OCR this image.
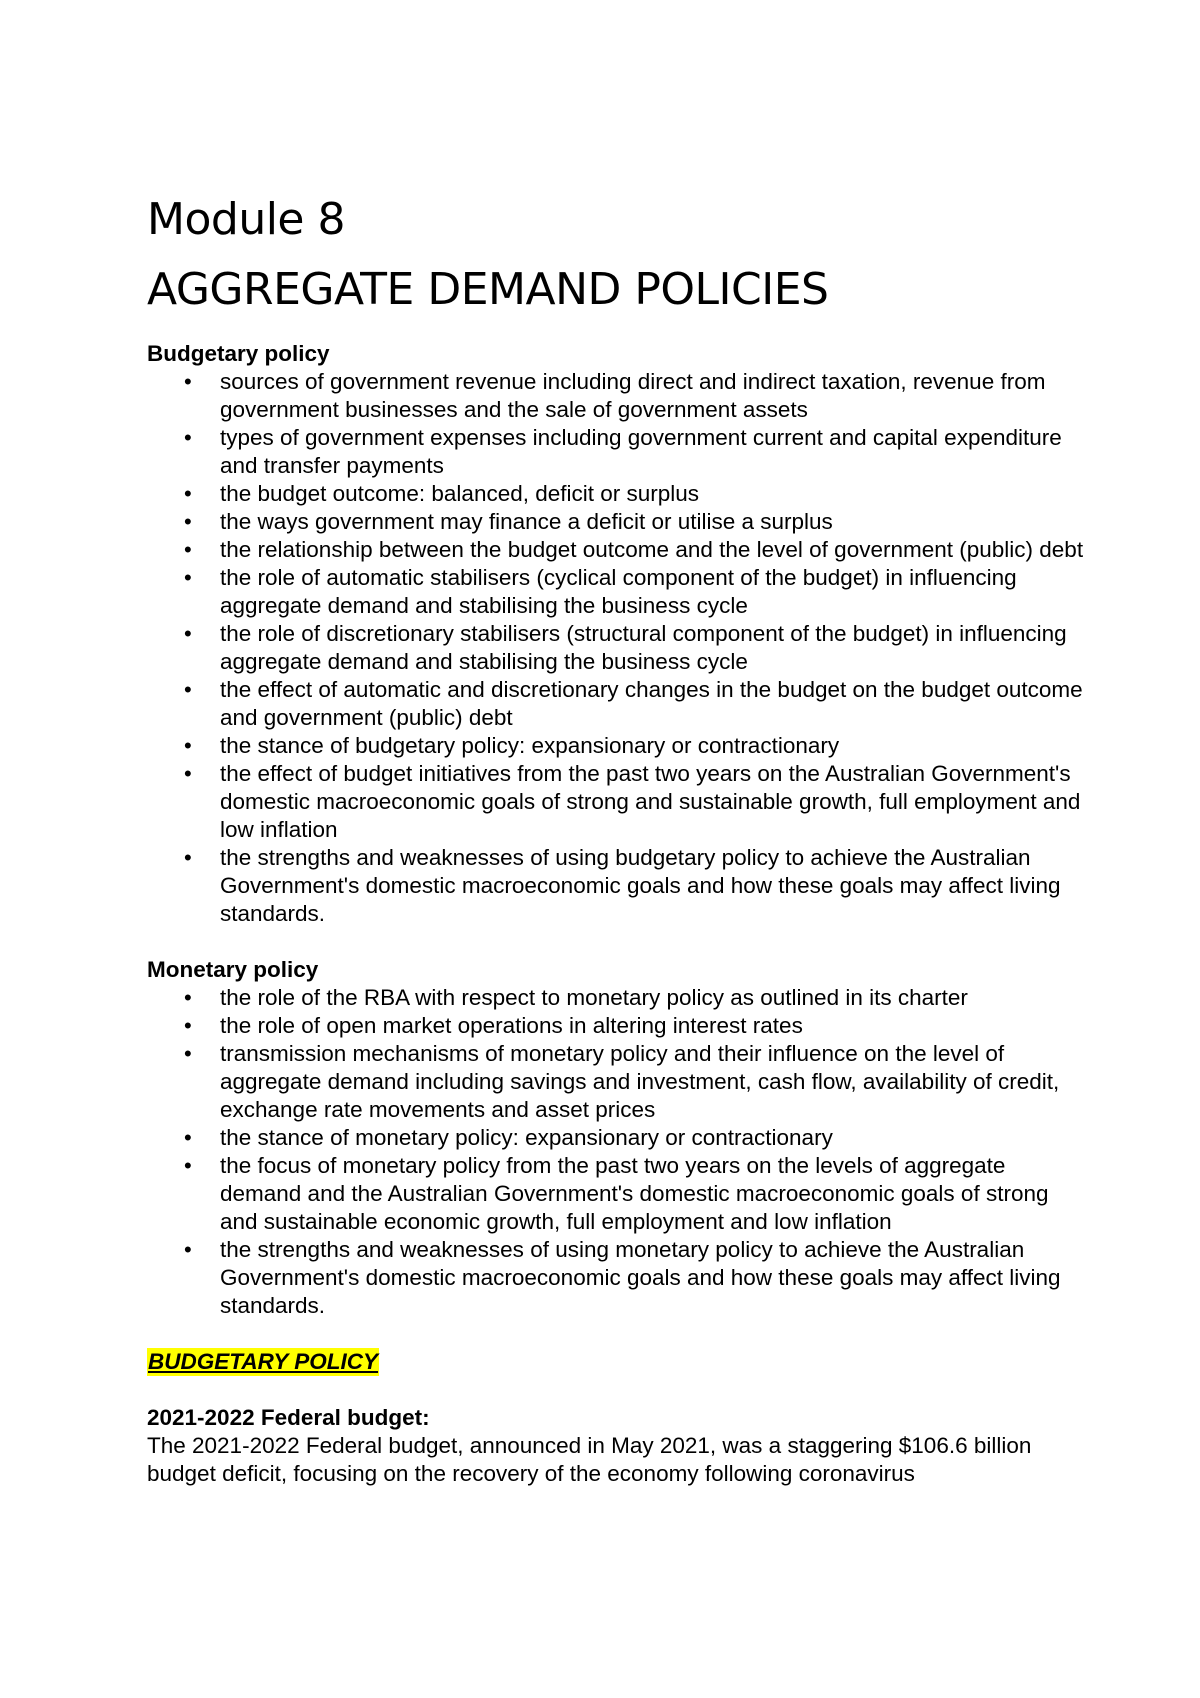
Module 8
AGGREGATE DEMAND POLICIES

Budgetary policy

• sources of government revenue including direct and indirect taxation, revenue from government businesses and the sale of government assets
• types of government expenses including government current and capital expenditure and transfer payments
• the budget outcome: balanced, deficit or surplus
• the ways government may finance a deficit or utilise a surplus
• the relationship between the budget outcome and the level of government (public) debt
• the role of automatic stabilisers (cyclical component of the budget) in influencing aggregate demand and stabilising the business cycle
• the role of discretionary stabilisers (structural component of the budget) in influencing aggregate demand and stabilising the business cycle
• the effect of automatic and discretionary changes in the budget on the budget outcome and government (public) debt
• the stance of budgetary policy: expansionary or contractionary
• the effect of budget initiatives from the past two years on the Australian Government's domestic macroeconomic goals of strong and sustainable growth, full employment and low inflation
• the strengths and weaknesses of using budgetary policy to achieve the Australian Government's domestic macroeconomic goals and how these goals may affect living standards.

Monetary policy

• the role of the RBA with respect to monetary policy as outlined in its charter
• the role of open market operations in altering interest rates
• transmission mechanisms of monetary policy and their influence on the level of aggregate demand including savings and investment, cash flow, availability of credit, exchange rate movements and asset prices
• the stance of monetary policy: expansionary or contractionary
• the focus of monetary policy from the past two years on the levels of aggregate demand and the Australian Government's domestic macroeconomic goals of strong and sustainable economic growth, full employment and low inflation
• the strengths and weaknesses of using monetary policy to achieve the Australian Government's domestic macroeconomic goals and how these goals may affect living standards.

BUDGETARY POLICY

2021-2022 Federal budget:

The 2021-2022 Federal budget, announced in May 2021, was a staggering $106.6 billion budget deficit, focusing on the recovery of the economy following coronavirus
